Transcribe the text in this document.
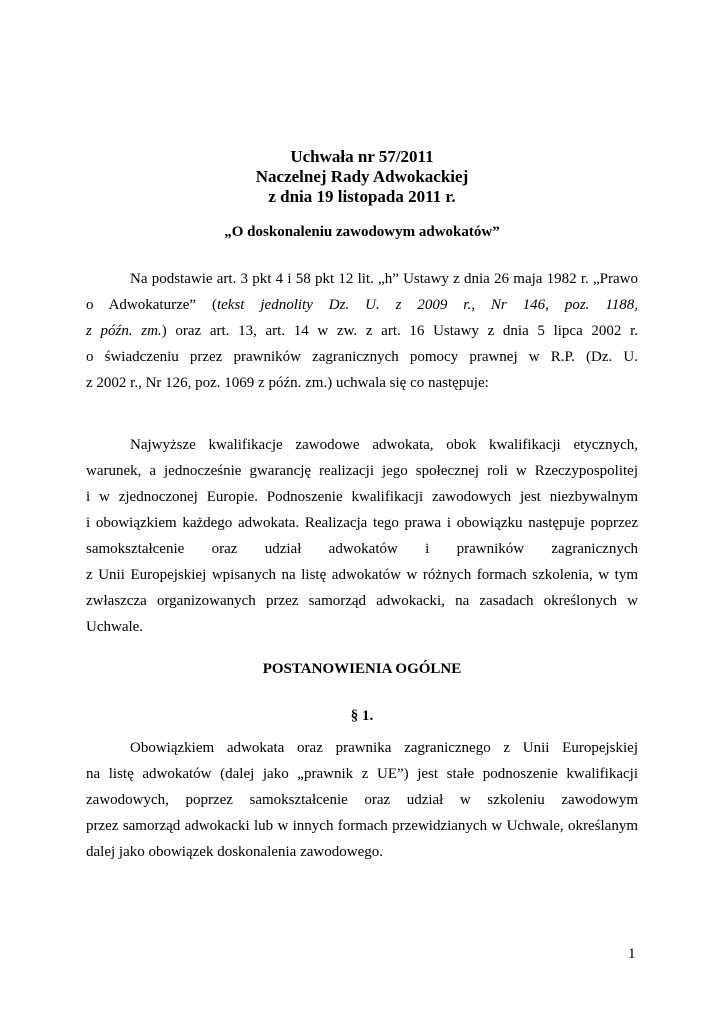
Uchwała nr 57/2011
Naczelnej Rady Adwokackiej
z dnia 19 listopada 2011 r.
„O doskonaleniu zawodowym adwokatów”
Na podstawie art. 3 pkt 4 i 58 pkt 12 lit. „h” Ustawy z dnia 26 maja 1982 r. „Prawo
o Adwokaturze” (tekst jednolity Dz. U. z 2009 r., Nr 146, poz. 1188,
z późn. zm.) oraz art. 13, art. 14 w zw. z art. 16 Ustawy z dnia 5 lipca 2002 r.
o świadczeniu przez prawników zagranicznych pomocy prawnej w R.P. (Dz. U.
z 2002 r., Nr 126, poz. 1069 z późn. zm.) uchwala się co następuje:
Najwyższe kwalifikacje zawodowe adwokata, obok kwalifikacji etycznych,
warunek, a jednocześnie gwarancję realizacji jego społecznej roli w Rzeczypospolitej
i w zjednoczonej Europie. Podnoszenie kwalifikacji zawodowych jest niezbywalnym
i obowiązkiem każdego adwokata. Realizacja tego prawa i obowiązku następuje poprzez
samokształcenie oraz udział adwokatów i prawników zagranicznych
z Unii Europejskiej wpisanych na listę adwokatów w różnych formach szkolenia, w tym
zwłaszcza organizowanych przez samorząd adwokacki, na zasadach określonych w
Uchwale.
POSTANOWIENIA OGÓLNE
§ 1.
Obowiązkiem adwokata oraz prawnika zagranicznego z Unii Europejskiej
na listę adwokatów (dalej jako „prawnik z UE”) jest stałe podnoszenie kwalifikacji
zawodowych, poprzez samokształcenie oraz udział w szkoleniu zawodowym
przez samorząd adwokacki lub w innych formach przewidzianych w Uchwale, określanym
dalej jako obowiązek doskonalenia zawodowego.
1
